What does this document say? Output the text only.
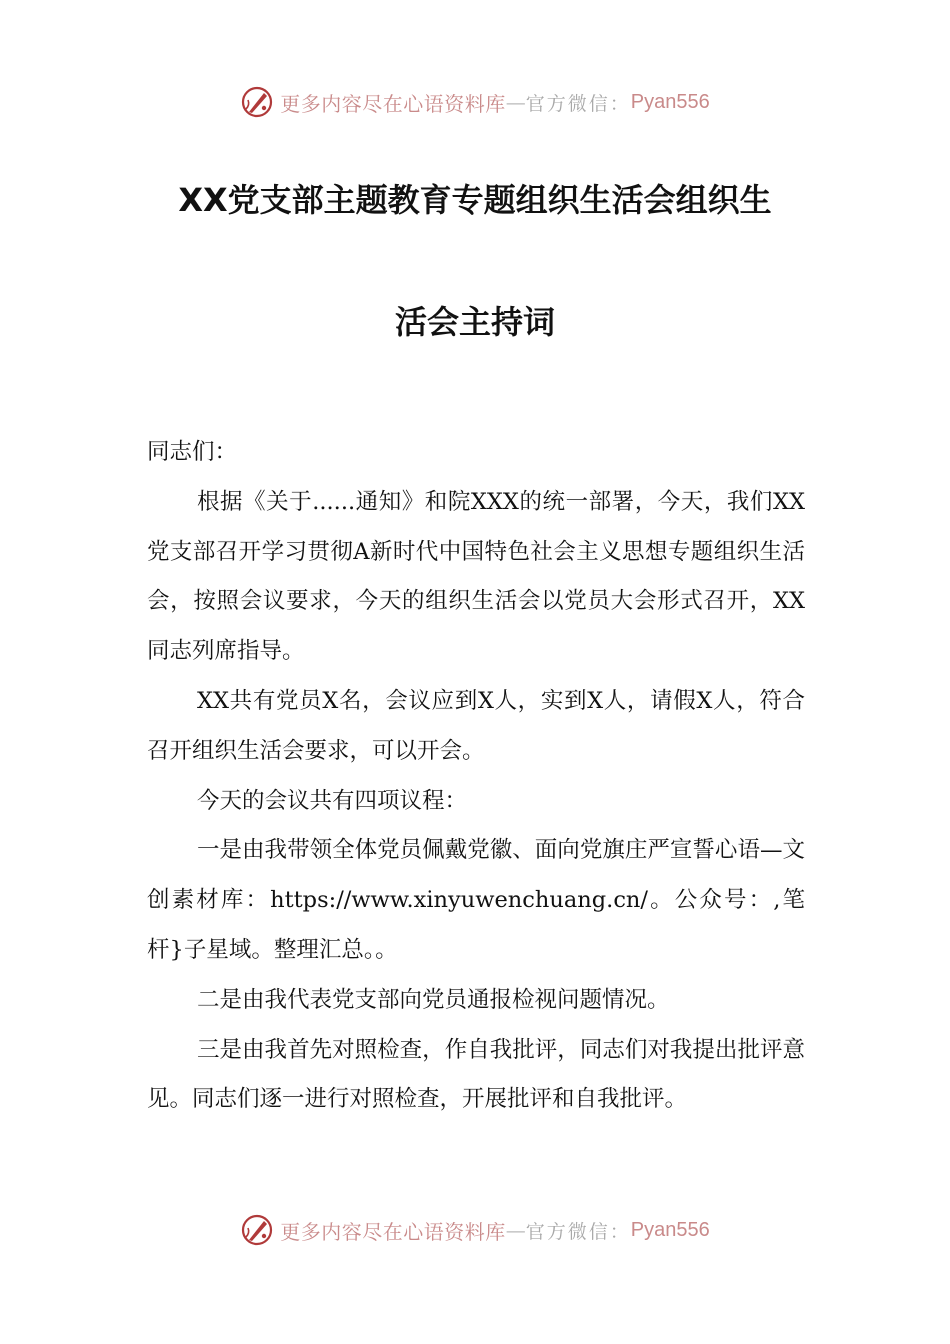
更多内容尽在心语资料库 — 官方微信： Pyan556
XX党支部主题教育专题组织生活会组织生
活会主持词

同志们：

根据《关于......通知》和院XXX的统一部署，今天，我们XX党支部召开学习贯彻A新时代中国特色社会主义思想专题组织生活会，按照会议要求，今天的组织生活会以党员大会形式召开，XX同志列席指导。

XX共有党员X名，会议应到X人，实到X人，请假X人，符合召开组织生活会要求，可以开会。

今天的会议共有四项议程：

一是由我带领全体党员佩戴党徽、面向党旗庄严宣誓心语—文创素材库：https://www.xinyuwenchuang.cn/。公众号：,笔杆}子星域。整理汇总。。

二是由我代表党支部向党员通报检视问题情况。

三是由我首先对照检查，作自我批评，同志们对我提出批评意见。同志们逐一进行对照检查，开展批评和自我批评。

更多内容尽在心语资料库 — 官方微信： Pyan556
